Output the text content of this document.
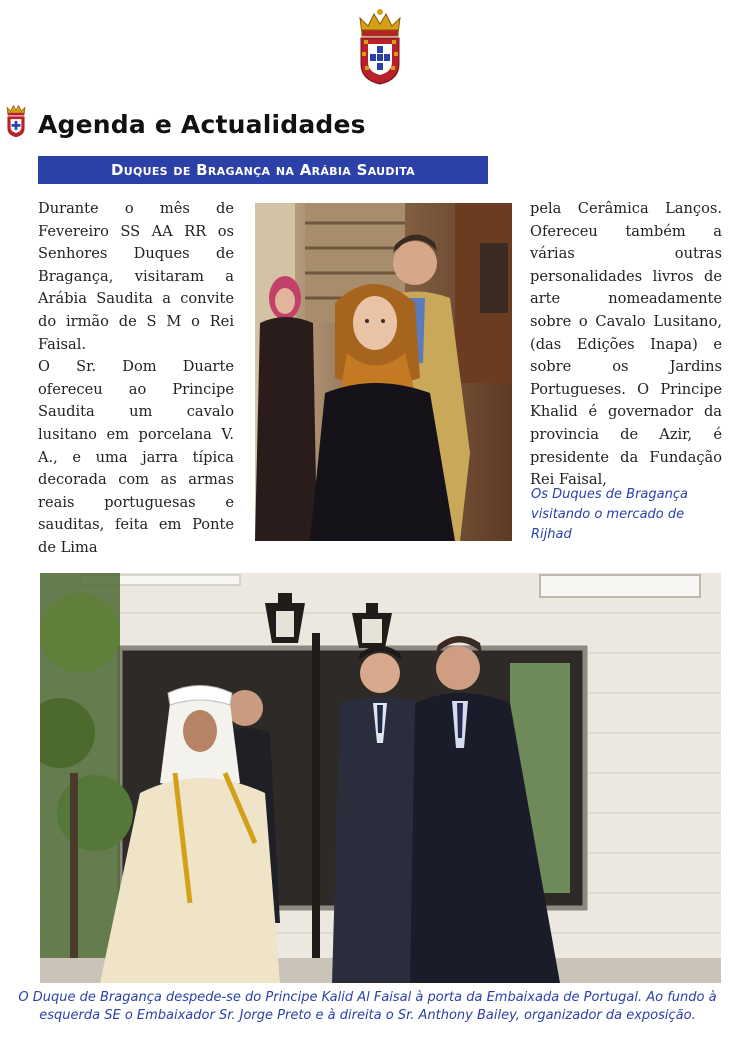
Agenda e Actualidades
Duques de Bragança na Arábia Saudita

Durante o mês de Fevereiro SS AA RR os Senhores Duques de Bragança, visitaram a Arábia Saudita a convite do irmão de S M o Rei Faisal.

O Sr. Dom Duarte ofereceu ao Principe Saudita um cavalo lusitano em porcelana V. A., e uma jarra típica decorada com as armas reais portuguesas e sauditas, feita em Ponte de Lima

pela Cerâmica Lanços. Ofereceu também a várias outras personalidades livros de arte nomeadamente sobre o Cavalo Lusitano, (das Edições Inapa) e sobre os Jardins Portugueses. O Principe Khalid é governador da provincia de Azir, é presidente da Fundação Rei Faisal,

Os Duques de Bragança visitando o mercado de Rijhad
O Duque de Bragança despede-se do Principe Kalid Al Faisal à porta da Embaixada de Portugal. Ao fundo à esquerda SE o Embaixador Sr. Jorge Preto e à direita o Sr. Anthony Bailey, organizador da exposição.
